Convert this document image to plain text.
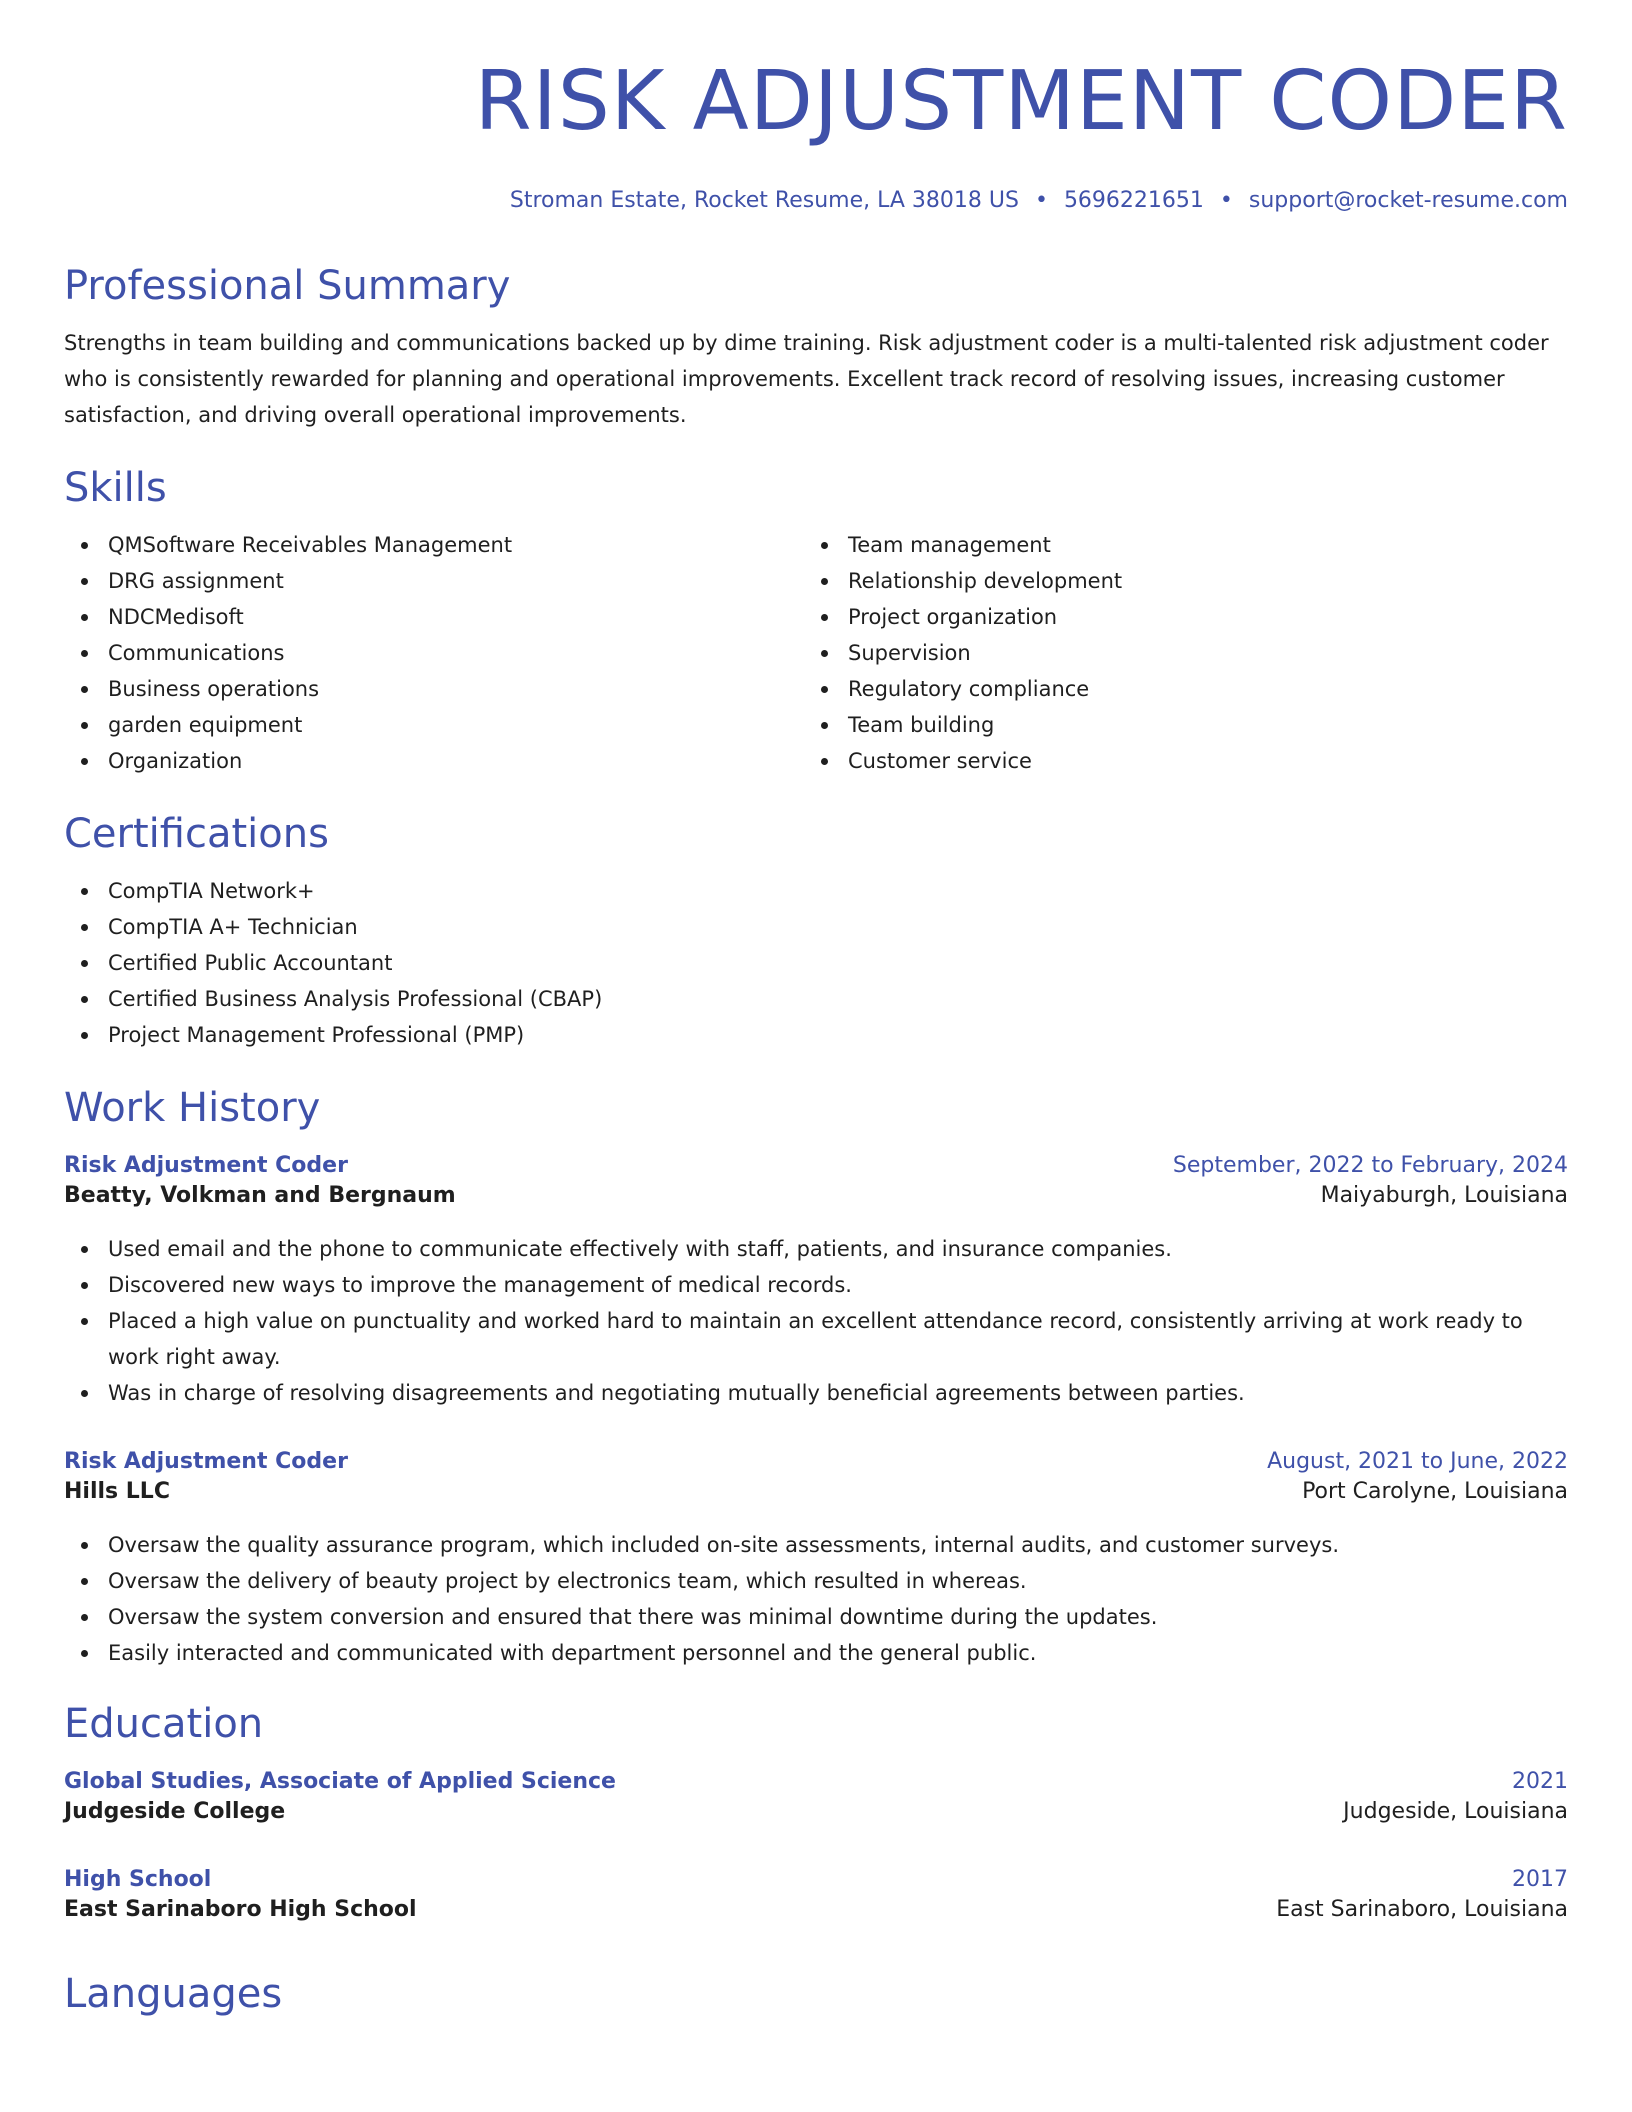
RISK ADJUSTMENT CODER
Stroman Estate, Rocket Resume, LA 38018 US • 5696221651 • support@rocket-resume.com
Professional Summary

Strengths in team building and communications backed up by dime training. Risk adjustment coder is a multi-talented risk adjustment coder who is consistently rewarded for planning and operational improvements. Excellent track record of resolving issues, increasing customer satisfaction, and driving overall operational improvements.

Skills
QMSoftware Receivables Management
DRG assignment
NDCMedisoft
Communications
Business operations
garden equipment
Organization
Team management
Relationship development
Project organization
Supervision
Regulatory compliance
Team building
Customer service
Certifications
CompTIA Network+
CompTIA A+ Technician
Certified Public Accountant
Certified Business Analysis Professional (CBAP)
Project Management Professional (PMP)
Work History
Risk Adjustment Coder	September, 2022 to February, 2024
Beatty, Volkman and Bergnaum	Maiyaburgh, Louisiana
Used email and the phone to communicate effectively with staff, patients, and insurance companies.
Discovered new ways to improve the management of medical records.
Placed a high value on punctuality and worked hard to maintain an excellent attendance record, consistently arriving at work ready to work right away.
Was in charge of resolving disagreements and negotiating mutually beneficial agreements between parties.
Risk Adjustment Coder	August, 2021 to June, 2022
Hills LLC	Port Carolyne, Louisiana
Oversaw the quality assurance program, which included on-site assessments, internal audits, and customer surveys.
Oversaw the delivery of beauty project by electronics team, which resulted in whereas.
Oversaw the system conversion and ensured that there was minimal downtime during the updates.
Easily interacted and communicated with department personnel and the general public.
Education
Global Studies, Associate of Applied Science	2021
Judgeside College	Judgeside, Louisiana
High School	2017
East Sarinaboro High School	East Sarinaboro, Louisiana
Languages
